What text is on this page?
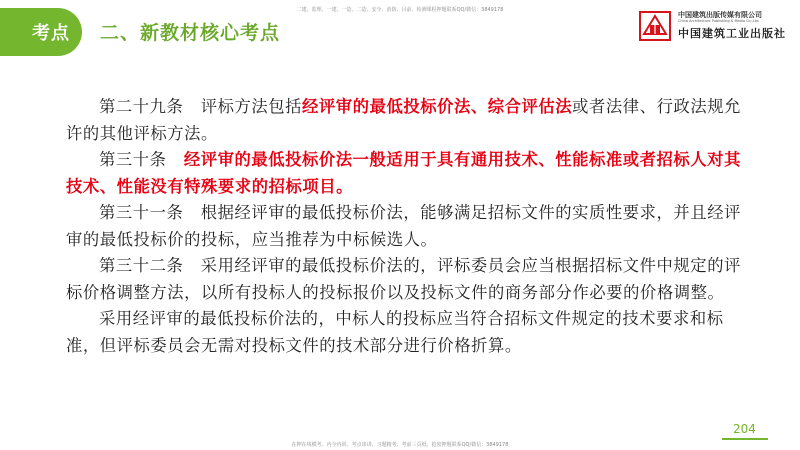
二建、监理、一建、一造、二造、安全、消防、目前、检测课程押题联系QQ/微信：3849178
考点 二、新教材核心考点
中国建筑出版传媒有限公司
China Architecture Publishing & Media Co.,Ltd.
中国建筑工业出版社

第二十九条 评标方法包括经评审的最低投标价法、综合评估法或者法律、行政法规允许的其他评标方法。

第三十条 经评审的最低投标价法一般适用于具有通用技术、性能标准或者招标人对其技术、性能没有特殊要求的招标项目。

第三十一条 根据经评审的最低投标价法，能够满足招标文件的实质性要求，并且经评审的最低投标价的投标，应当推荐为中标候选人。

第三十二条 采用经评审的最低投标价法的，评标委员会应当根据招标文件中规定的评标价格调整方法，以所有投标人的投标报价以及投标文件的商务部分作必要的价格调整。

采用经评审的最低投标价法的，中标人的投标应当符合招标文件规定的技术要求和标准，但评标委员会无需对投标文件的技术部分进行价格折算。

204
在押在线模考、内全内训、考点串讲、习题精考、考前三页纸、抢密押题联系QQ/微信：3849178
